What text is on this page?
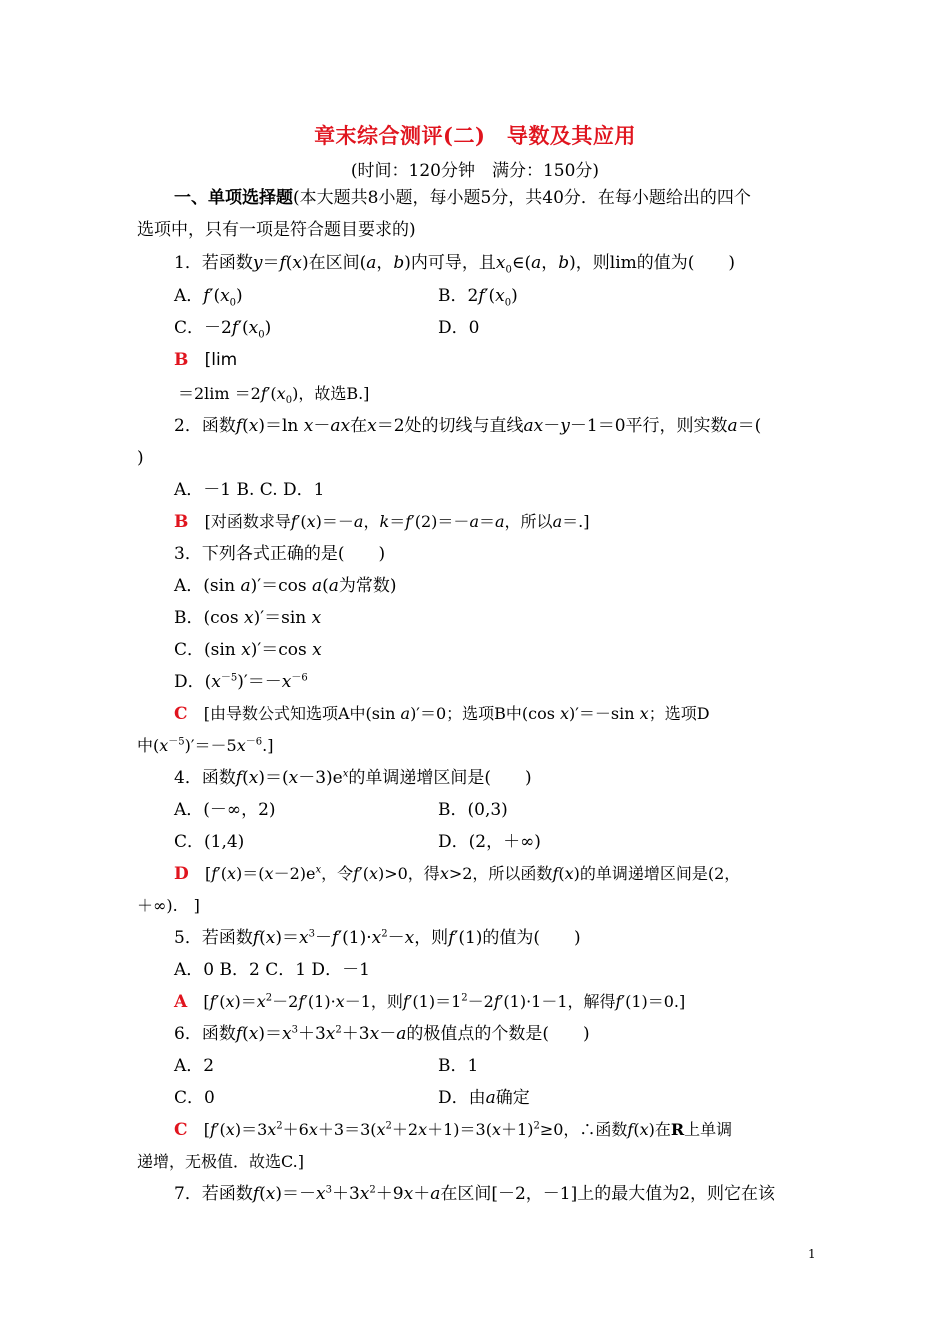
章末综合测评(二)　导数及其应用
(时间：120分钟　满分：150分)
一、单项选择题(本大题共8小题，每小题5分，共40分．在每小题给出的四个
选项中，只有一项是符合题目要求的)
1．若函数y＝f(x)在区间(a，b)内可导，且$x_0\in(a$，b)，则lim的值为(　　)
A．$f'(x_0)$	B．$2f'(x_0)$
C．$-2f'(x_0)$	D．0
B [lim
$=2\lim =2f'(x_0)$，故选B.]
2．函数f(x)＝ln x－ax在x＝2处的切线与直线ax－y－1＝0平行，则实数a＝(
)
A．－1 B. C. D．1
B [对函数求导f′(x)＝－a，k＝f′(2)＝－a＝a，所以a＝.]
3．下列各式正确的是(　　)
A．(sin a)′＝cos a(a为常数)
B．(cos x)′＝sin x
C．(sin x)′＝cos x
D．$(x^{-5})'=-x^{-6}$
C [由导数公式知选项A中(sin a)′＝0；选项B中(cos x)′＝－sin x；选项D
中$(x^{-5})'=-5x^{-6}$.]
4．函数$f(x)=(x-3)e^x$的单调递增区间是(　　)
A．(－∞，2)	B．(0,3)
C．(1,4)	D．(2，＋∞)
D [$f'(x)=(x-2)e^x$，令f′(x)>0，得x>2，所以函数f(x)的单调递增区间是(2，
＋∞).　]
5．若函数$f(x)=x^3-f'(1)\cdot x^2-x$，则f′(1)的值为(　　)
A．0 B．2 C．1 D．－1
A [$f'(x)=x^2-2f'(1)\cdot x-1$，则$f'(1)=1^2-2f'(1)\cdot 1-1$，解得f′(1)＝0.]
6．函数$f(x)=x^3+3x^2+3x-a$的极值点的个数是(　　)
A．2	B．1
C．0	D．由a确定
C [$f'(x)=3x^2+6x+3=3(x^2+2x+1)=3(x+1)^2\ge 0$，∴函数f(x)在R上单调
递增，无极值．故选C.]
7．若函数$f(x)=-x^3+3x^2+9x+a$在区间[－2，－1]上的最大值为2，则它在该
1
